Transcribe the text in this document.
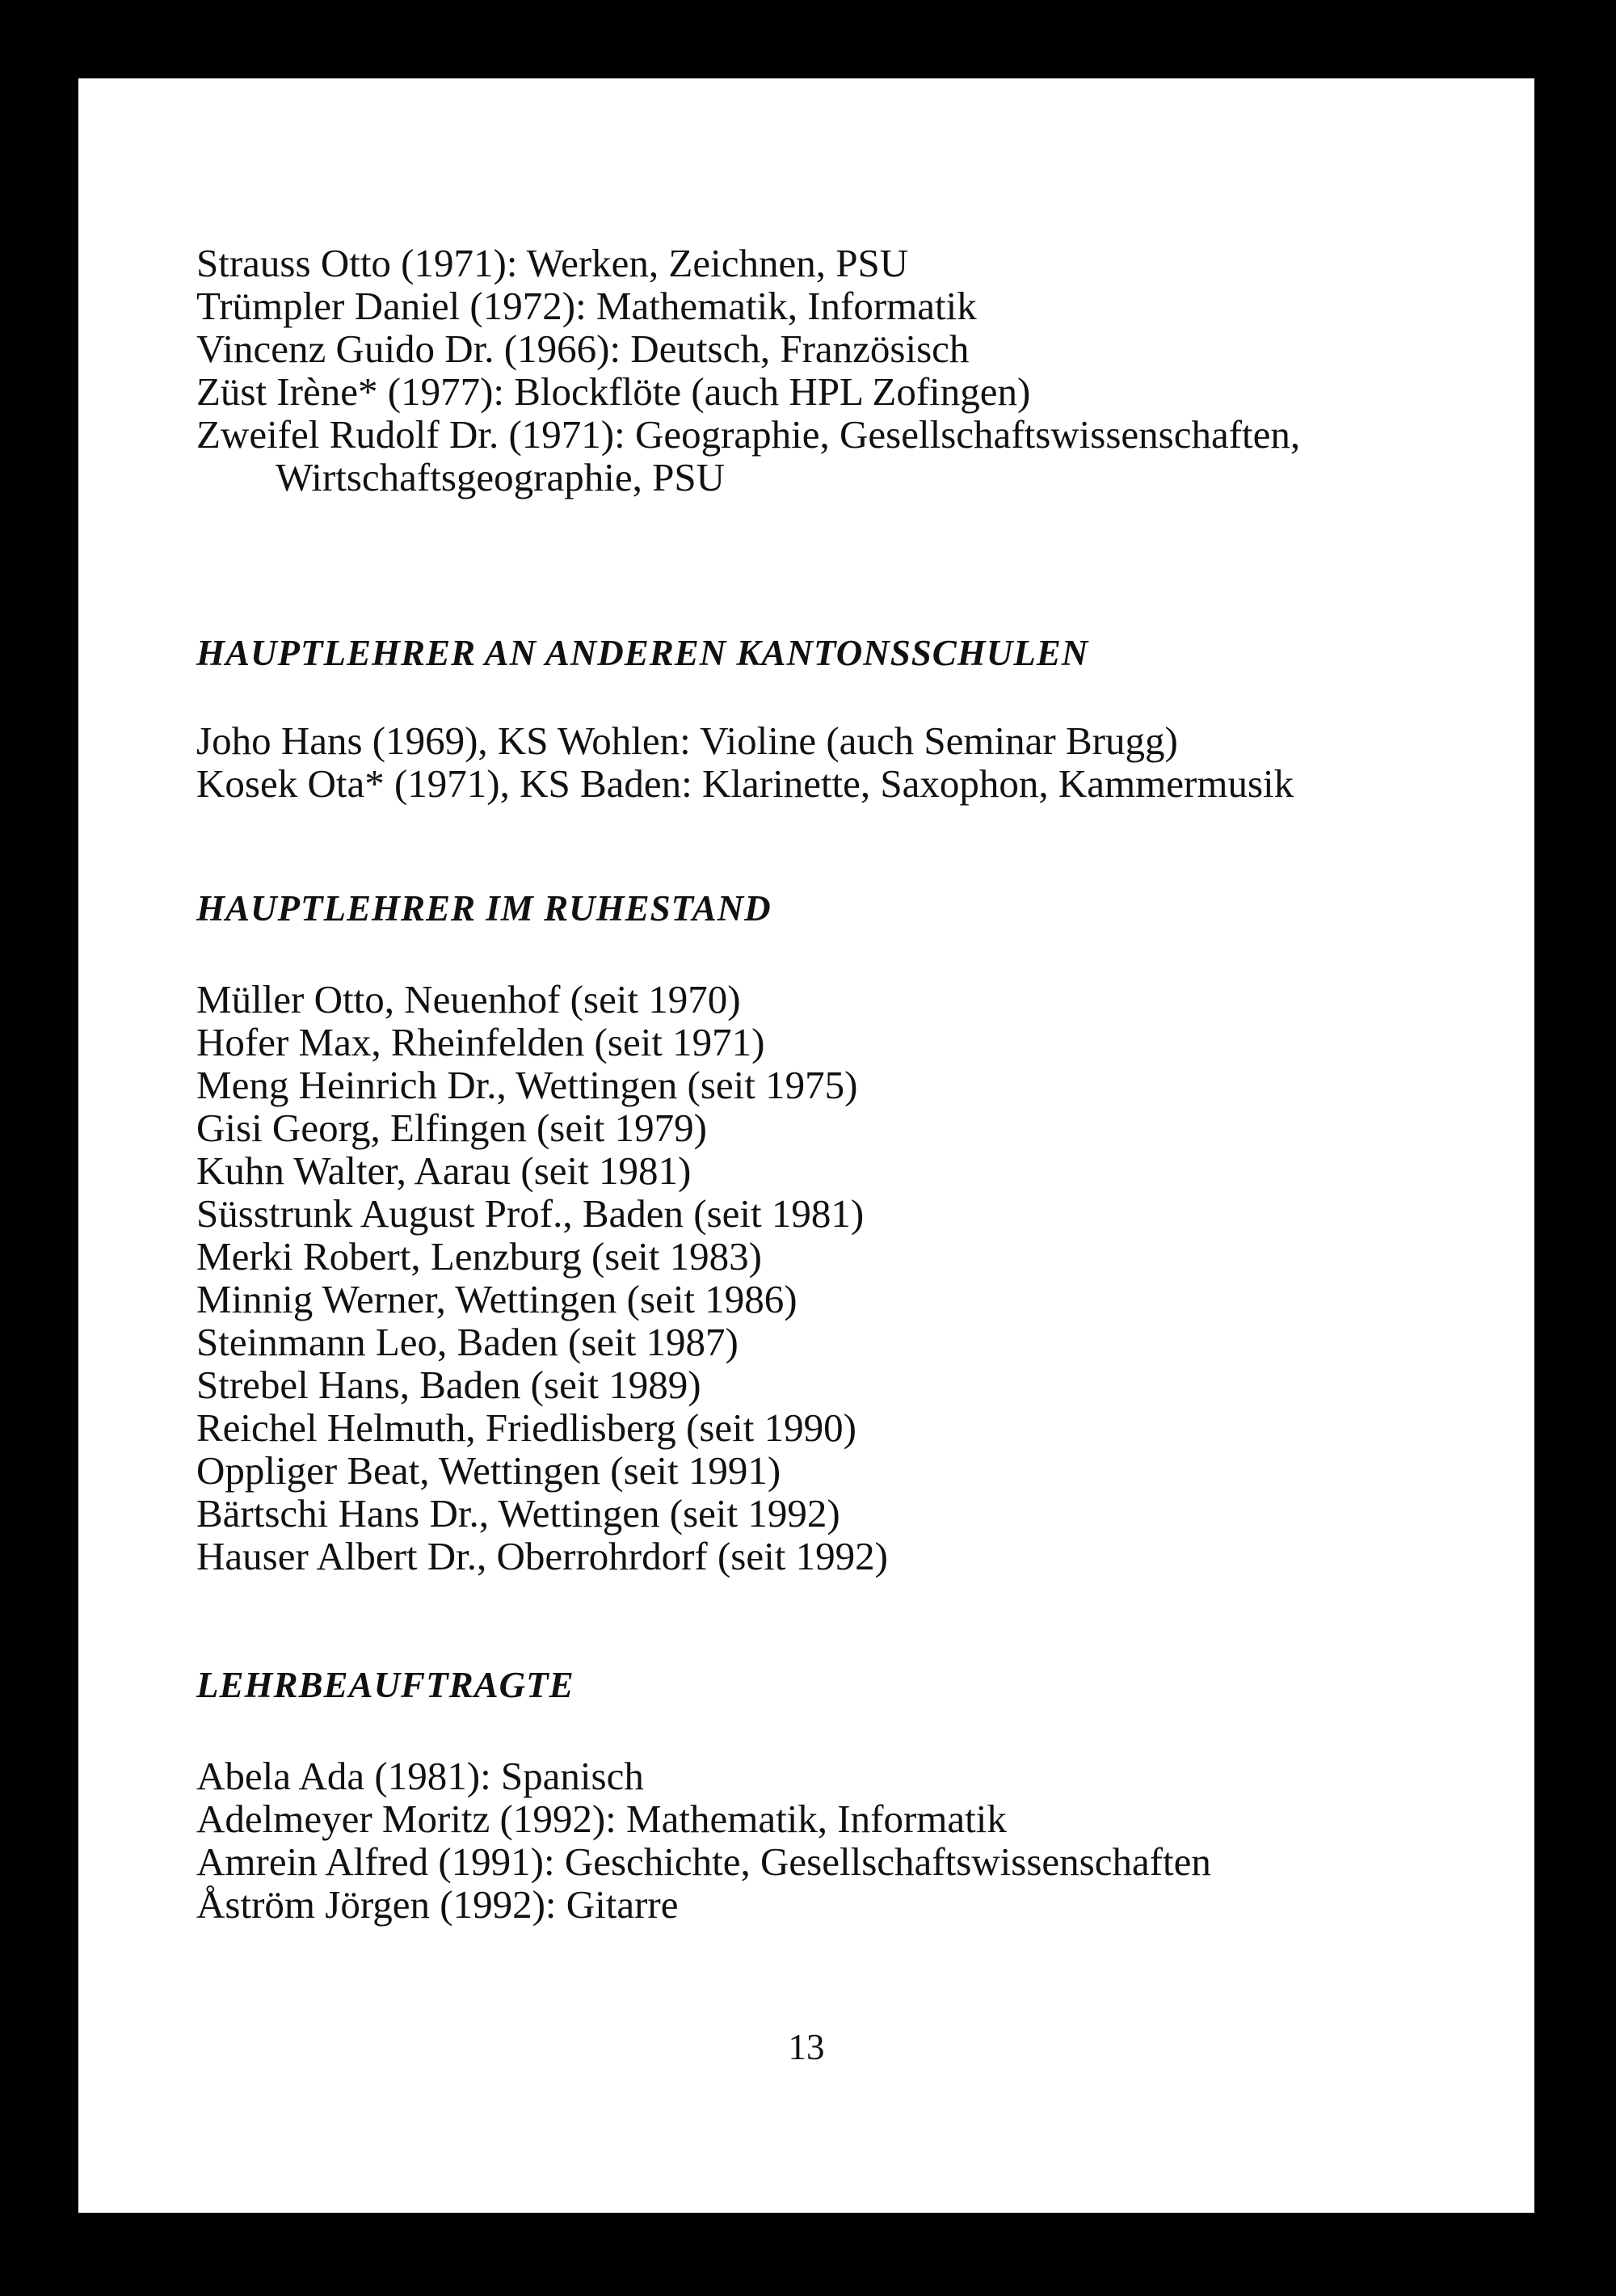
Strauss Otto (1971): Werken, Zeichnen, PSU
Trümpler Daniel (1972): Mathematik, Informatik
Vincenz Guido Dr. (1966): Deutsch, Französisch
Züst Irène* (1977): Blockflöte (auch HPL Zofingen)
Zweifel Rudolf Dr. (1971): Geographie, Gesellschaftswissenschaften,
Wirtschaftsgeographie, PSU
HAUPTLEHRER AN ANDEREN KANTONSSCHULEN
Joho Hans (1969), KS Wohlen: Violine (auch Seminar Brugg)
Kosek Ota* (1971), KS Baden: Klarinette, Saxophon, Kammermusik
HAUPTLEHRER IM RUHESTAND
Müller Otto, Neuenhof (seit 1970)
Hofer Max, Rheinfelden (seit 1971)
Meng Heinrich Dr., Wettingen (seit 1975)
Gisi Georg, Elfingen (seit 1979)
Kuhn Walter, Aarau (seit 1981)
Süsstrunk August Prof., Baden (seit 1981)
Merki Robert, Lenzburg (seit 1983)
Minnig Werner, Wettingen (seit 1986)
Steinmann Leo, Baden (seit 1987)
Strebel Hans, Baden (seit 1989)
Reichel Helmuth, Friedlisberg (seit 1990)
Oppliger Beat, Wettingen (seit 1991)
Bärtschi Hans Dr., Wettingen (seit 1992)
Hauser Albert Dr., Oberrohrdorf (seit 1992)
LEHRBEAUFTRAGTE
Abela Ada (1981): Spanisch
Adelmeyer Moritz (1992): Mathematik, Informatik
Amrein Alfred (1991): Geschichte, Gesellschaftswissenschaften
Åström Jörgen (1992): Gitarre
13
